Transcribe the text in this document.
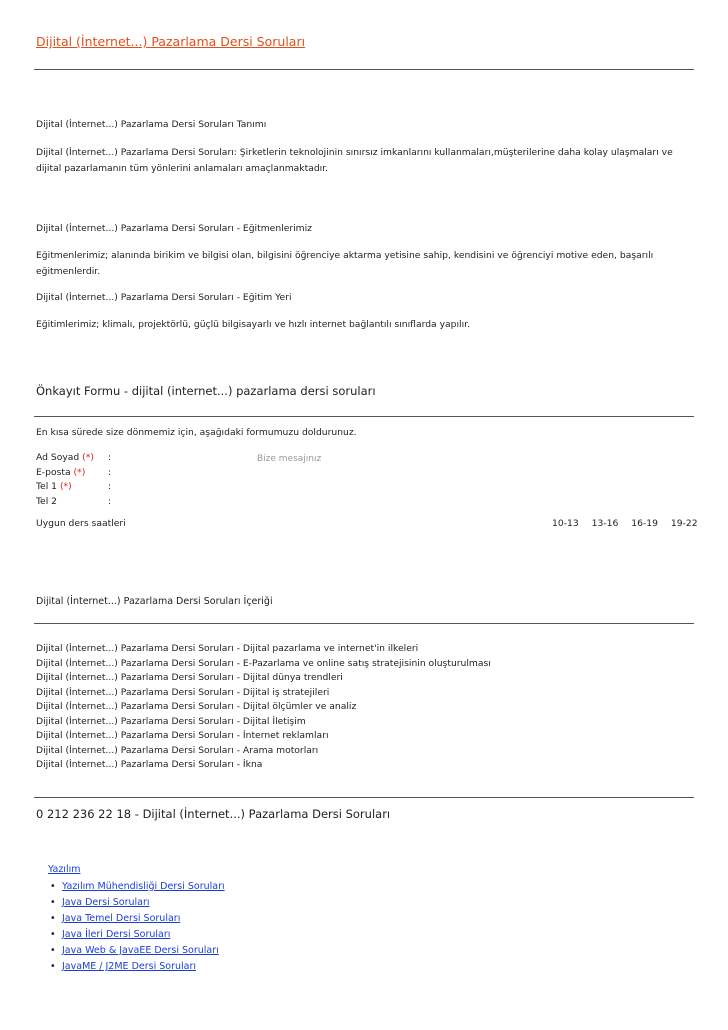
Dijital (İnternet...) Pazarlama Dersi Soruları
Dijital (İnternet...) Pazarlama Dersi Soruları Tanımı
Dijital (İnternet...) Pazarlama Dersi Soruları: Şirketlerin teknolojinin sınırsız imkanlarını kullanmaları,müşterilerine daha kolay ulaşmaları ve dijital pazarlamanın tüm yönlerini anlamaları amaçlanmaktadır.
Dijital (İnternet...) Pazarlama Dersi Soruları - Eğitmenlerimiz
Eğitmenlerimiz; alanında birikim ve bilgisi olan, bilgisini öğrenciye aktarma yetisine sahip, kendisini ve öğrenciyi motive eden, başarılı eğitmenlerdir.
Dijital (İnternet...) Pazarlama Dersi Soruları - Eğitim Yeri
Eğitimlerimiz; klimalı, projektörlü, güçlü bilgisayarlı ve hızlı internet bağlantılı sınıflarda yapılır.
Önkayıt Formu - dijital (internet...) pazarlama dersi soruları
En kısa sürede size dönmemiz için, aşağıdaki formumuzu doldurunuz.
Ad Soyad (*) :
E-posta (*) :
Tel 1 (*)	:
Tel 2	:
Bize mesajınız
Uygun ders saatleri	10-13 13-16 16-19 19-22
Dijital (İnternet...) Pazarlama Dersi Soruları İçeriği
Dijital (İnternet...) Pazarlama Dersi Soruları - Dijital pazarlama ve internet'in ilkeleri
Dijital (İnternet...) Pazarlama Dersi Soruları - E-Pazarlama ve online satış stratejisinin oluşturulması
Dijital (İnternet...) Pazarlama Dersi Soruları - Dijital dünya trendleri
Dijital (İnternet...) Pazarlama Dersi Soruları - Dijital iş stratejileri
Dijital (İnternet...) Pazarlama Dersi Soruları - Dijital ölçümler ve analiz
Dijital (İnternet...) Pazarlama Dersi Soruları - Dijital İletişim
Dijital (İnternet...) Pazarlama Dersi Soruları - İnternet reklamları
Dijital (İnternet...) Pazarlama Dersi Soruları - Arama motorları
Dijital (İnternet...) Pazarlama Dersi Soruları - İkna
0 212 236 22 18 - Dijital (İnternet...) Pazarlama Dersi Soruları
Yazılım
• Yazılım Mühendisliği Dersi Soruları
• Java Dersi Soruları
• Java Temel Dersi Soruları
• Java İleri Dersi Soruları
• Java Web & JavaEE Dersi Soruları
• JavaME / J2ME Dersi Soruları
